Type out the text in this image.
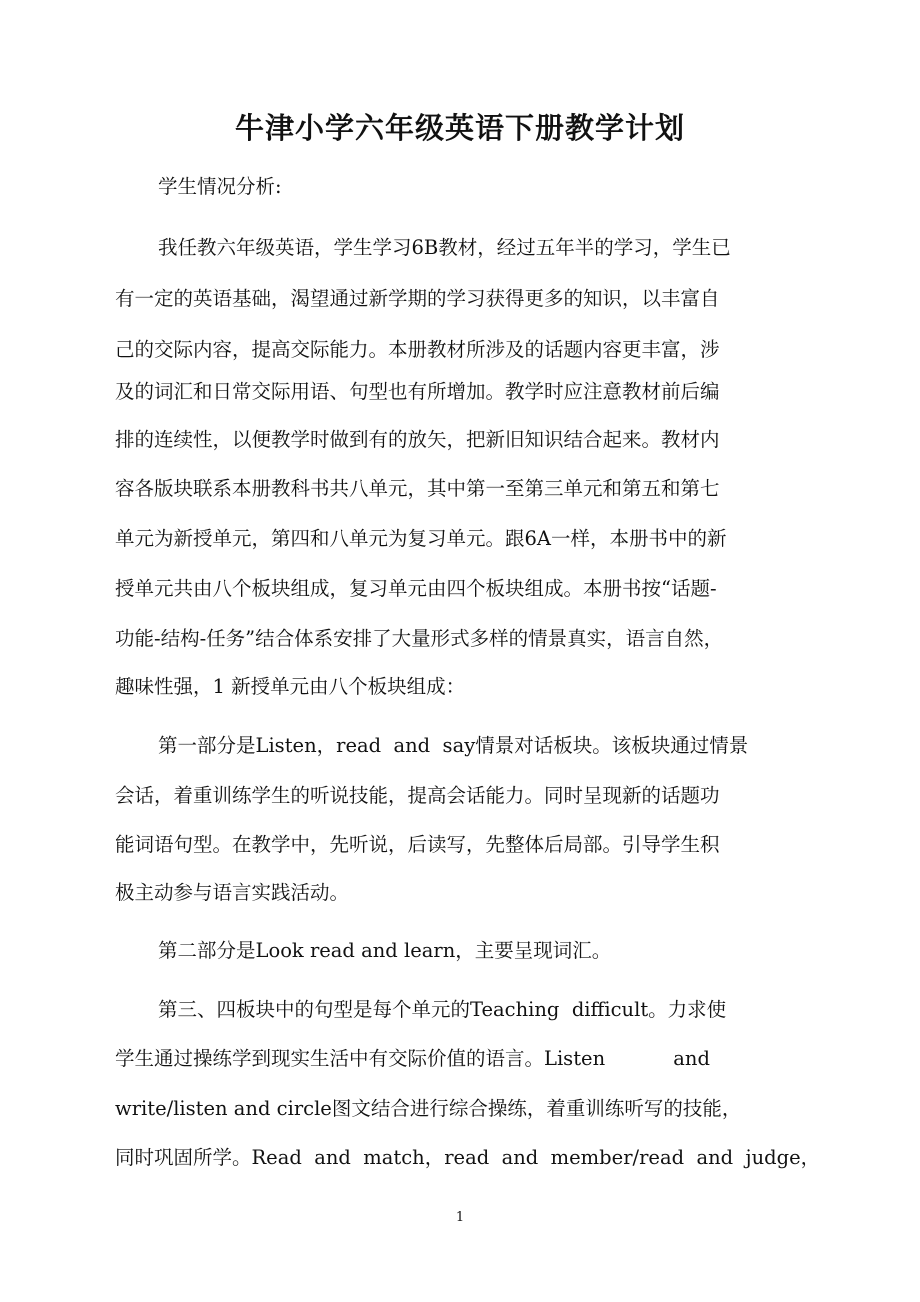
牛津小学六年级英语下册教学计划
学生情况分析:
我任教六年级英语，学生学习6B教材，经过五年半的学习，学生已
有一定的英语基础，渴望通过新学期的学习获得更多的知识，以丰富自
己的交际内容，提高交际能力。本册教材所涉及的话题内容更丰富，涉
及的词汇和日常交际用语、句型也有所增加。教学时应注意教材前后编
排的连续性，以便教学时做到有的放矢，把新旧知识结合起来。教材内
容各版块联系本册教科书共八单元，其中第一至第三单元和第五和第七
单元为新授单元，第四和八单元为复习单元。跟6A一样，本册书中的新
授单元共由八个板块组成，复习单元由四个板块组成。本册书按“话题-
功能-结构-任务”结合体系安排了大量形式多样的情景真实，语言自然，
趣味性强，1 新授单元由八个板块组成：
第一部分是Listen，read  and  say情景对话板块。该板块通过情景
会话，着重训练学生的听说技能，提高会话能力。同时呈现新的话题功
能词语句型。在教学中，先听说，后读写，先整体后局部。引导学生积
极主动参与语言实践活动。
第二部分是Look read and learn，主要呈现词汇。
第三、四板块中的句型是每个单元的Teaching  difficult。力求使
学生通过操练学到现实生活中有交际价值的语言。Listen           and
write/listen and circle图文结合进行综合操练，着重训练听写的技能，
同时巩固所学。Read  and  match，read  and  member/read  and  judge，
1
